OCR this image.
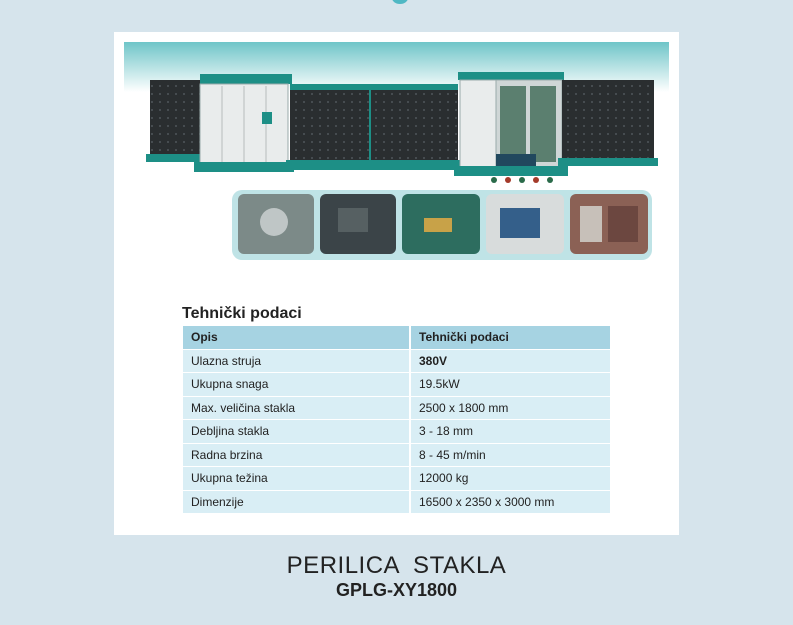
Tehnički podaci
Opis	Tehnički podaci
Ulazna struja	380V
Ukupna snaga	19.5kW
Max. veličina stakla	2500 x 1800 mm
Debljina stakla	3 - 18 mm
Radna brzina	8 - 45 m/min
Ukupna težina	12000 kg
Dimenzije	16500 x 2350 x 3000 mm
PERILICA  STAKLA
GPLG-XY1800
